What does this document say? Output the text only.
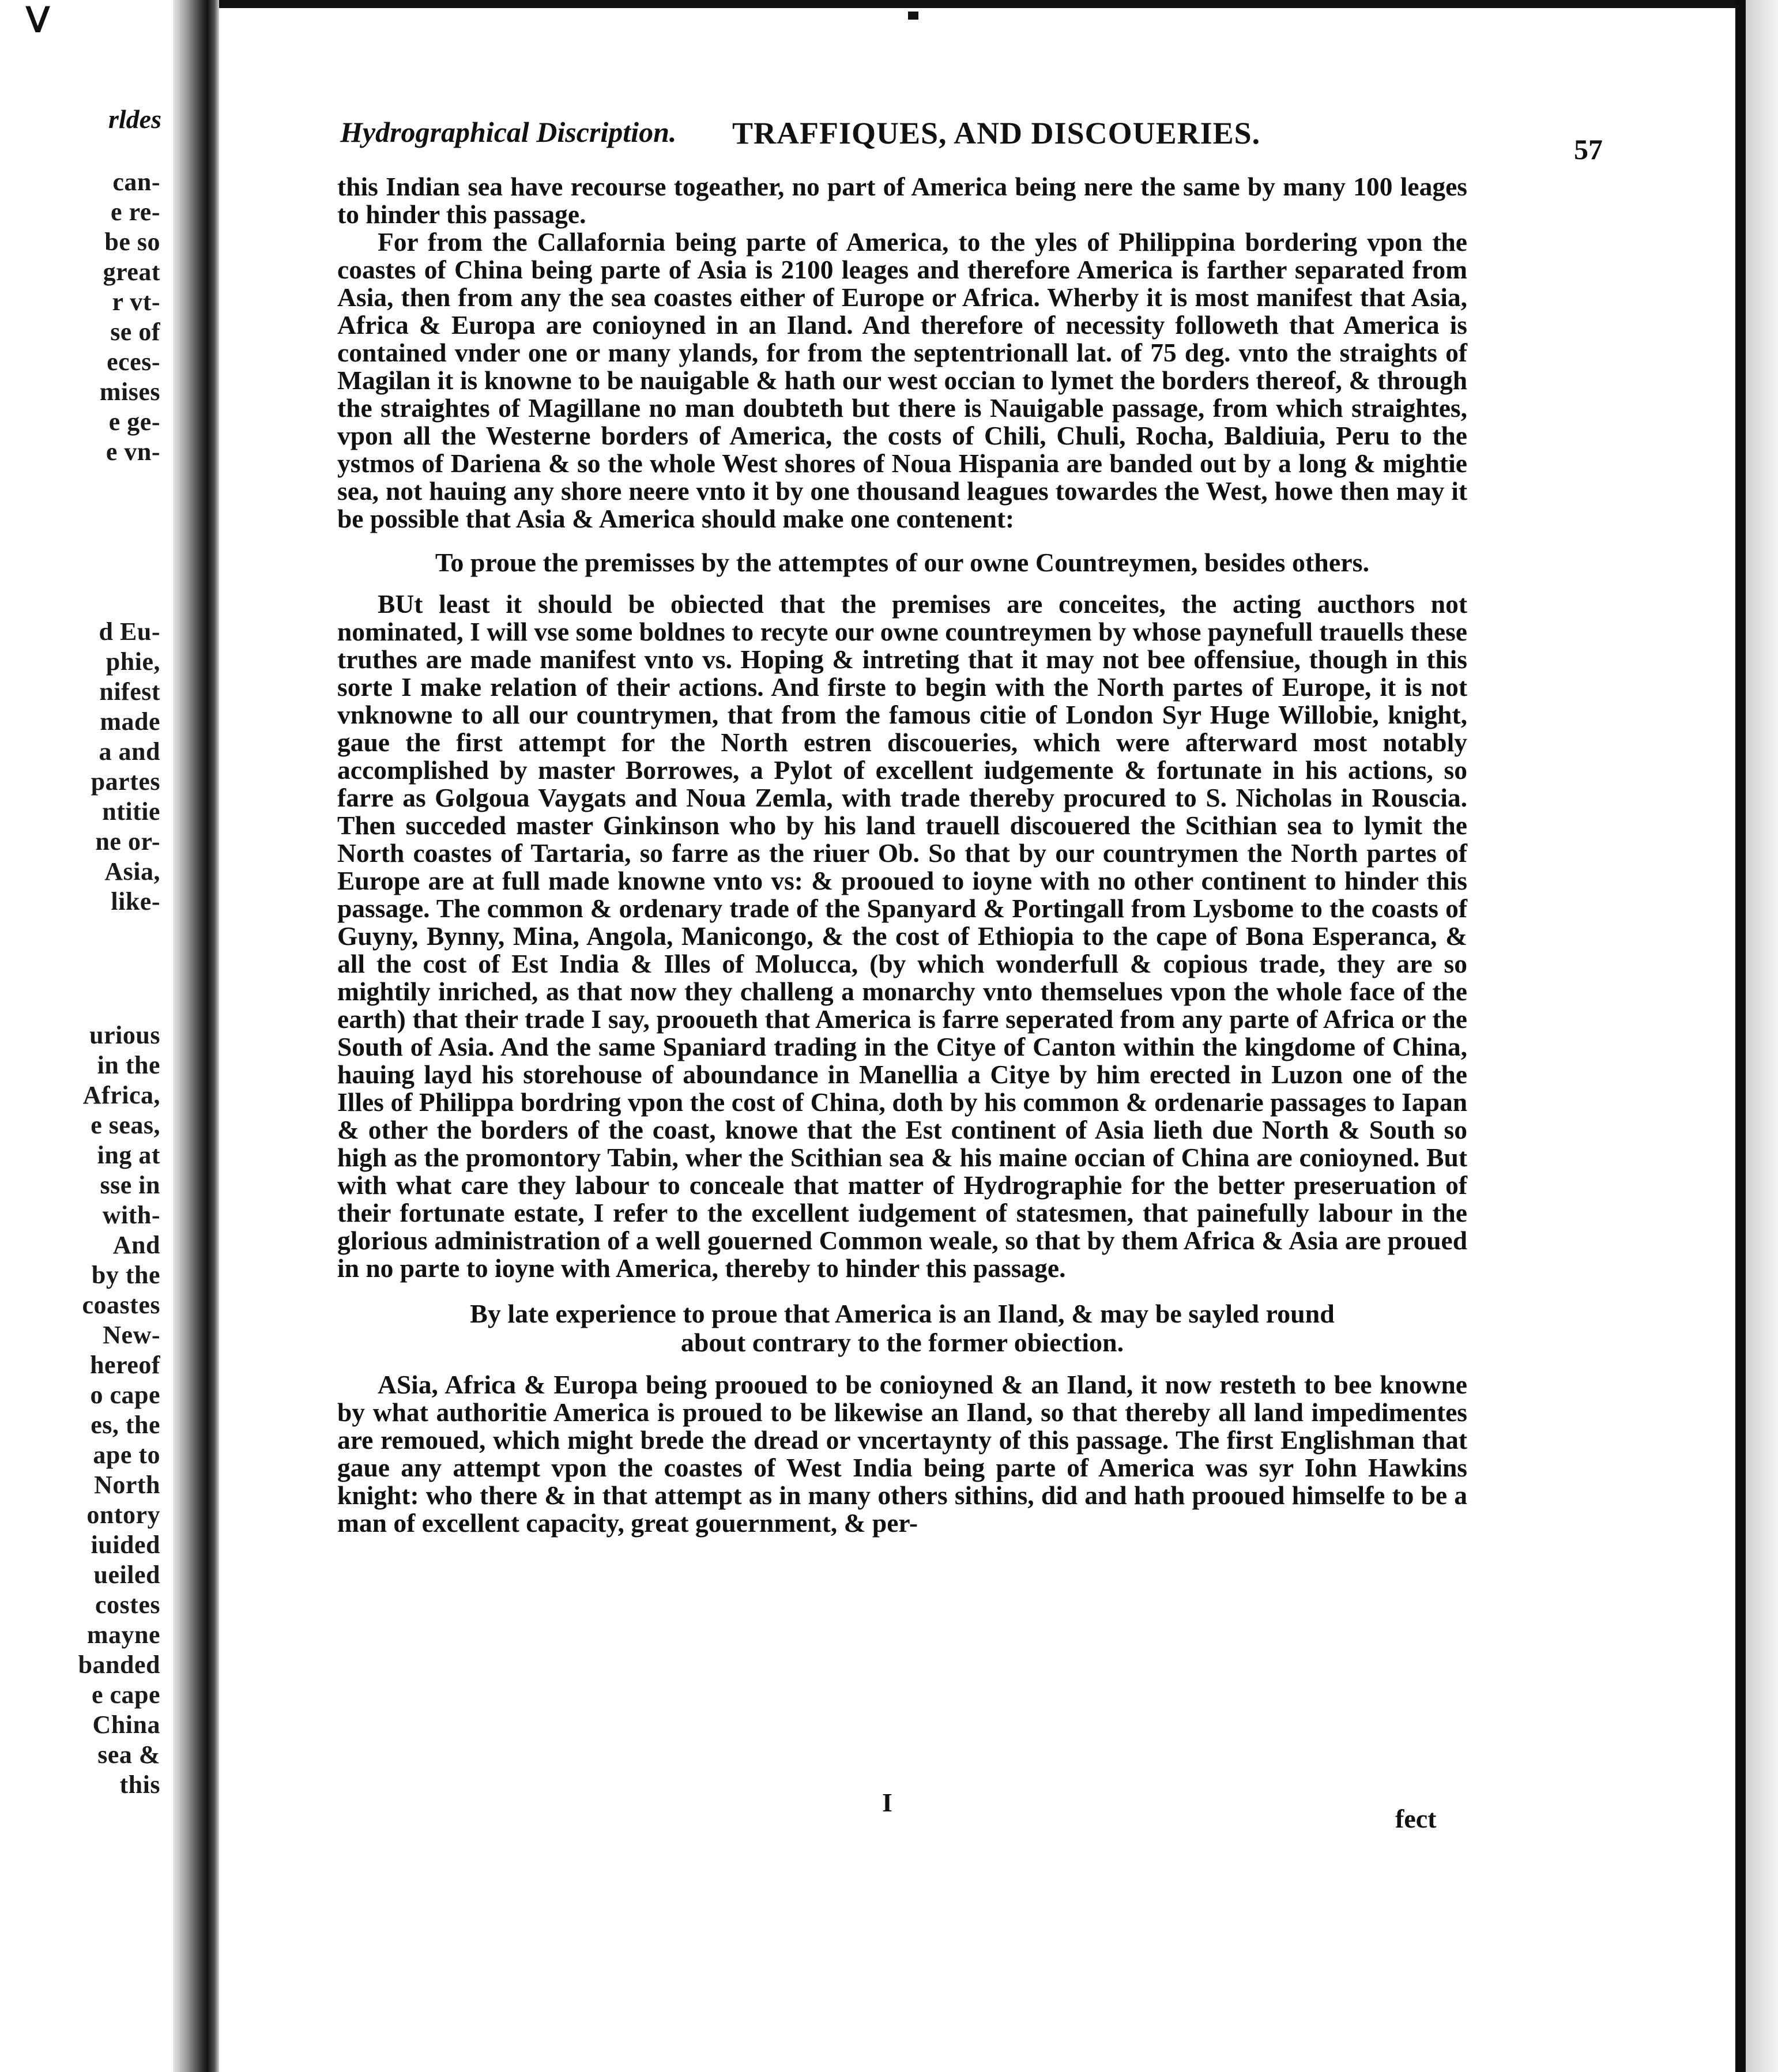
ᐯ
rldes
can-
e re-
be so
great
r vt-
se of
eces-
mises
e ge-
e vn-
d Eu-
phie,
nifest
made
a and
partes
ntitie
ne or-
Asia,
like-
urious
in the
Africa,
e seas,
ing at
sse in
with-
And
by the
coastes
New-
hereof
o cape
es, the
ape to
North
ontory
iuided
ueiled
costes
mayne
banded
e cape
China
sea &
this
Hydrographical Discription. TRAFFIQUES, AND DISCOUERIES.	57

this Indian sea have recourse togeather, no part of America being nere the same by many 100 leages to hinder this passage.

For from the Callafornia being parte of America, to the yles of Philippina bordering vpon the coastes of China being parte of Asia is 2100 leages and therefore America is farther separated from Asia, then from any the sea coastes either of Europe or Africa. Wherby it is most manifest that Asia, Africa & Europa are conioyned in an Iland. And therefore of necessity followeth that America is contained vnder one or many ylands, for from the septentrionall lat. of 75 deg. vnto the straights of Magilan it is knowne to be nauigable & hath our west occian to lymet the borders thereof, & through the straightes of Magillane no man doubteth but there is Nauigable passage, from which straightes, vpon all the Westerne borders of America, the costs of Chili, Chuli, Rocha, Baldiuia, Peru to the ystmos of Dariena & so the whole West shores of Noua Hispania are banded out by a long & mightie sea, not hauing any shore neere vnto it by one thousand leagues towardes the West, howe then may it be possible that Asia & America should make one contenent:

To proue the premisses by the attemptes of our owne Countreymen, besides others.

BUt least it should be obiected that the premises are conceites, the acting aucthors not nominated, I will vse some boldnes to recyte our owne countreymen by whose paynefull trauells these truthes are made manifest vnto vs. Hoping & intreting that it may not bee offensiue, though in this sorte I make relation of their actions. And firste to begin with the North partes of Europe, it is not vnknowne to all our countrymen, that from the famous citie of London Syr Huge Willobie, knight, gaue the first attempt for the North estren discoueries, which were afterward most notably accomplished by master Borrowes, a Pylot of excellent iudgemente & fortunate in his actions, so farre as Golgoua Vaygats and Noua Zemla, with trade thereby procured to S. Nicholas in Rouscia. Then succeded master Ginkinson who by his land trauell discouered the Scithian sea to lymit the North coastes of Tartaria, so farre as the riuer Ob. So that by our countrymen the North partes of Europe are at full made knowne vnto vs: & prooued to ioyne with no other continent to hinder this passage. The common & ordenary trade of the Spanyard & Portingall from Lysbome to the coasts of Guyny, Bynny, Mina, Angola, Manicongo, & the cost of Ethiopia to the cape of Bona Esperanca, & all the cost of Est India & Illes of Molucca, (by which wonderfull & copious trade, they are so mightily inriched, as that now they challeng a monarchy vnto themselues vpon the whole face of the earth) that their trade I say, prooueth that America is farre seperated from any parte of Africa or the South of Asia. And the same Spaniard trading in the Citye of Canton within the kingdome of China, hauing layd his storehouse of aboundance in Manellia a Citye by him erected in Luzon one of the Illes of Philippa bordring vpon the cost of China, doth by his common & ordenarie passages to Iapan & other the borders of the coast, knowe that the Est continent of Asia lieth due North & South so high as the promontory Tabin, wher the Scithian sea & his maine occian of China are conioyned. But with what care they labour to conceale that matter of Hydrographie for the better preseruation of their fortunate estate, I refer to the excellent iudgement of statesmen, that painefully labour in the glorious administration of a well gouerned Common weale, so that by them Africa & Asia are proued in no parte to ioyne with America, thereby to hinder this passage.

By late experience to proue that America is an Iland, & may be sayled round
about contrary to the former obiection.

ASia, Africa & Europa being prooued to be conioyned & an Iland, it now resteth to bee knowne by what authoritie America is proued to be likewise an Iland, so that thereby all land impedimentes are remoued, which might brede the dread or vncertaynty of this passage. The first Englishman that gaue any attempt vpon the coastes of West India being parte of America was syr Iohn Hawkins knight: who there & in that attempt as in many others sithins, did and hath prooued himselfe to be a man of excellent capacity, great gouernment, & per-

I
fect
